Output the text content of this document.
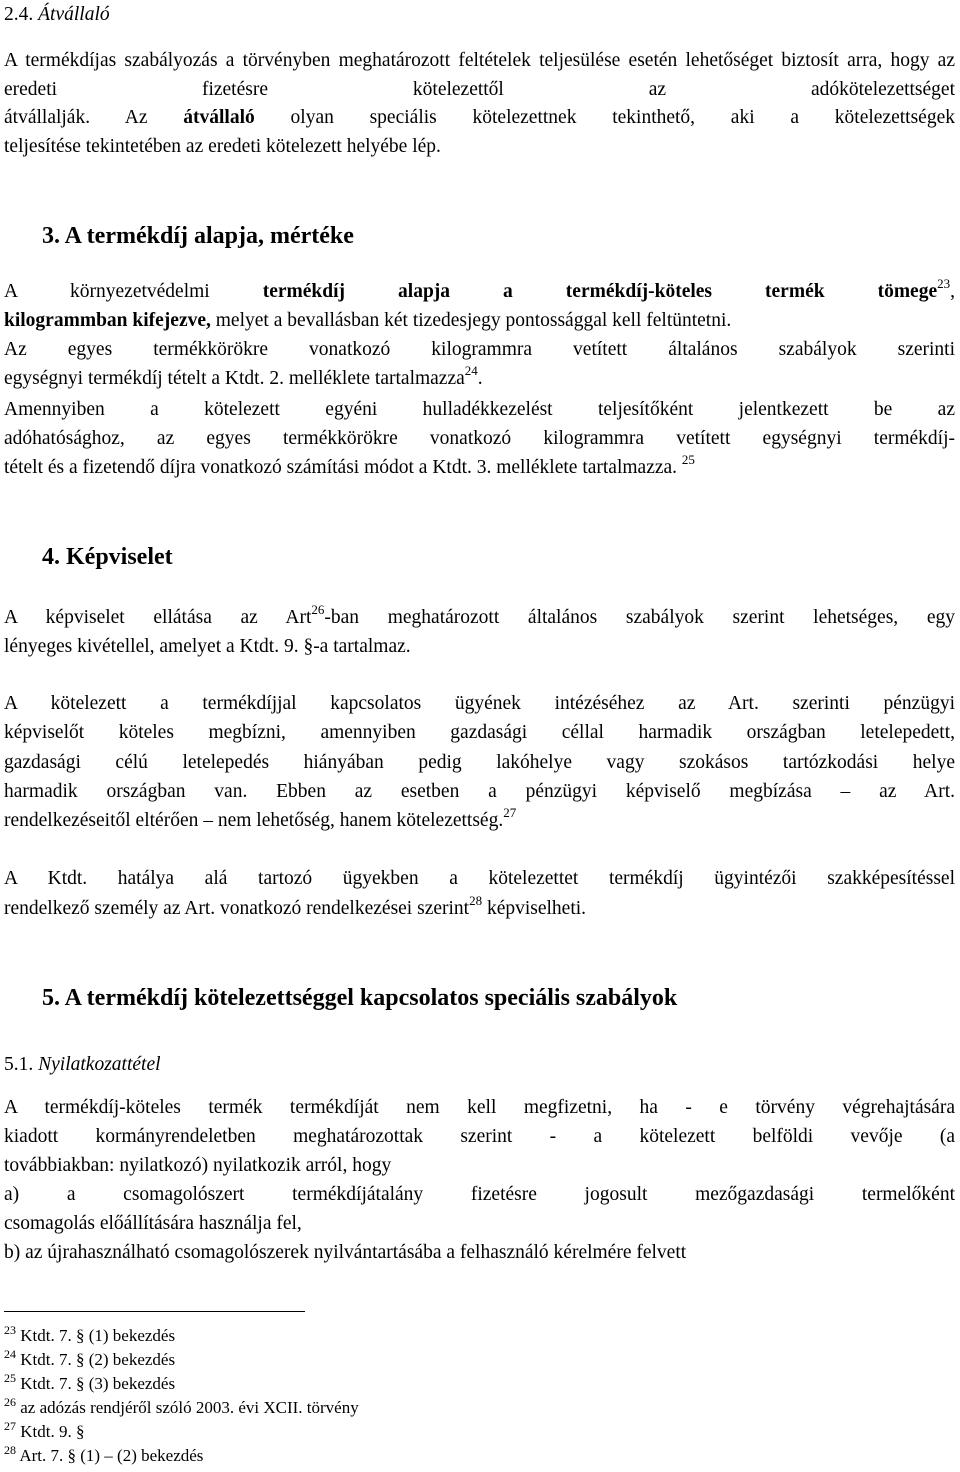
2.4. Átvállaló
A termékdíjas szabályozás a törvényben meghatározott feltételek teljesülése esetén lehetőséget biztosít arra, hogy az eredeti fizetésre kötelezettől az adókötelezettséget
átvállalják. Az átvállaló olyan speciális kötelezettnek tekinthető, aki a kötelezettségek
teljesítése tekintetében az eredeti kötelezett helyébe lép.
3. A termékdíj alapja, mértéke
A környezetvédelmi termékdíj alapja a termékdíj-köteles termék tömege$^{23}$,
kilogrammban kifejezve, melyet a bevallásban két tizedesjegy pontossággal kell feltüntetni.
Az egyes termékkörökre vonatkozó kilogrammra vetített általános szabályok szerinti
egységnyi termékdíj tételt a Ktdt. 2. melléklete tartalmazza$^{24}$.
Amennyiben a kötelezett egyéni hulladékkezelést teljesítőként jelentkezett be az
adóhatósághoz, az egyes termékkörökre vonatkozó kilogrammra vetített egységnyi termékdíj-
tételt és a fizetendő díjra vonatkozó számítási módot a Ktdt. 3. melléklete tartalmazza. $^{25}$
4. Képviselet
A képviselet ellátása az Art$^{26}$-ban meghatározott általános szabályok szerint lehetséges, egy
lényeges kivétellel, amelyet a Ktdt. 9. §-a tartalmaz.
A kötelezett a termékdíjjal kapcsolatos ügyének intézéséhez az Art. szerinti pénzügyi
képviselőt köteles megbízni, amennyiben gazdasági céllal harmadik országban letelepedett,
gazdasági célú letelepedés hiányában pedig lakóhelye vagy szokásos tartózkodási helye
harmadik országban van. Ebben az esetben a pénzügyi képviselő megbízása – az Art.
rendelkezéseitől eltérően – nem lehetőség, hanem kötelezettség.$^{27}$
A Ktdt. hatálya alá tartozó ügyekben a kötelezettet termékdíj ügyintézői szakképesítéssel
rendelkező személy az Art. vonatkozó rendelkezései szerint$^{28}$ képviselheti.
5. A termékdíj kötelezettséggel kapcsolatos speciális szabályok
5.1. Nyilatkozattétel
A termékdíj-köteles termék termékdíját nem kell megfizetni, ha - e törvény végrehajtására
kiadott kormányrendeletben meghatározottak szerint - a kötelezett belföldi vevője (a
továbbiakban: nyilatkozó) nyilatkozik arról, hogy
a) a csomagolószert termékdíjátalány fizetésre jogosult mezőgazdasági termelőként
csomagolás előállítására használja fel,
b) az újrahasználható csomagolószerek nyilvántartásába a felhasználó kérelmére felvett
$^{23}$ Ktdt. 7. § (1) bekezdés
$^{24}$ Ktdt. 7. § (2) bekezdés
$^{25}$ Ktdt. 7. § (3) bekezdés
$^{26}$ az adózás rendjéről szóló 2003. évi XCII. törvény
$^{27}$ Ktdt. 9. §
$^{28}$ Art. 7. § (1) – (2) bekezdés
